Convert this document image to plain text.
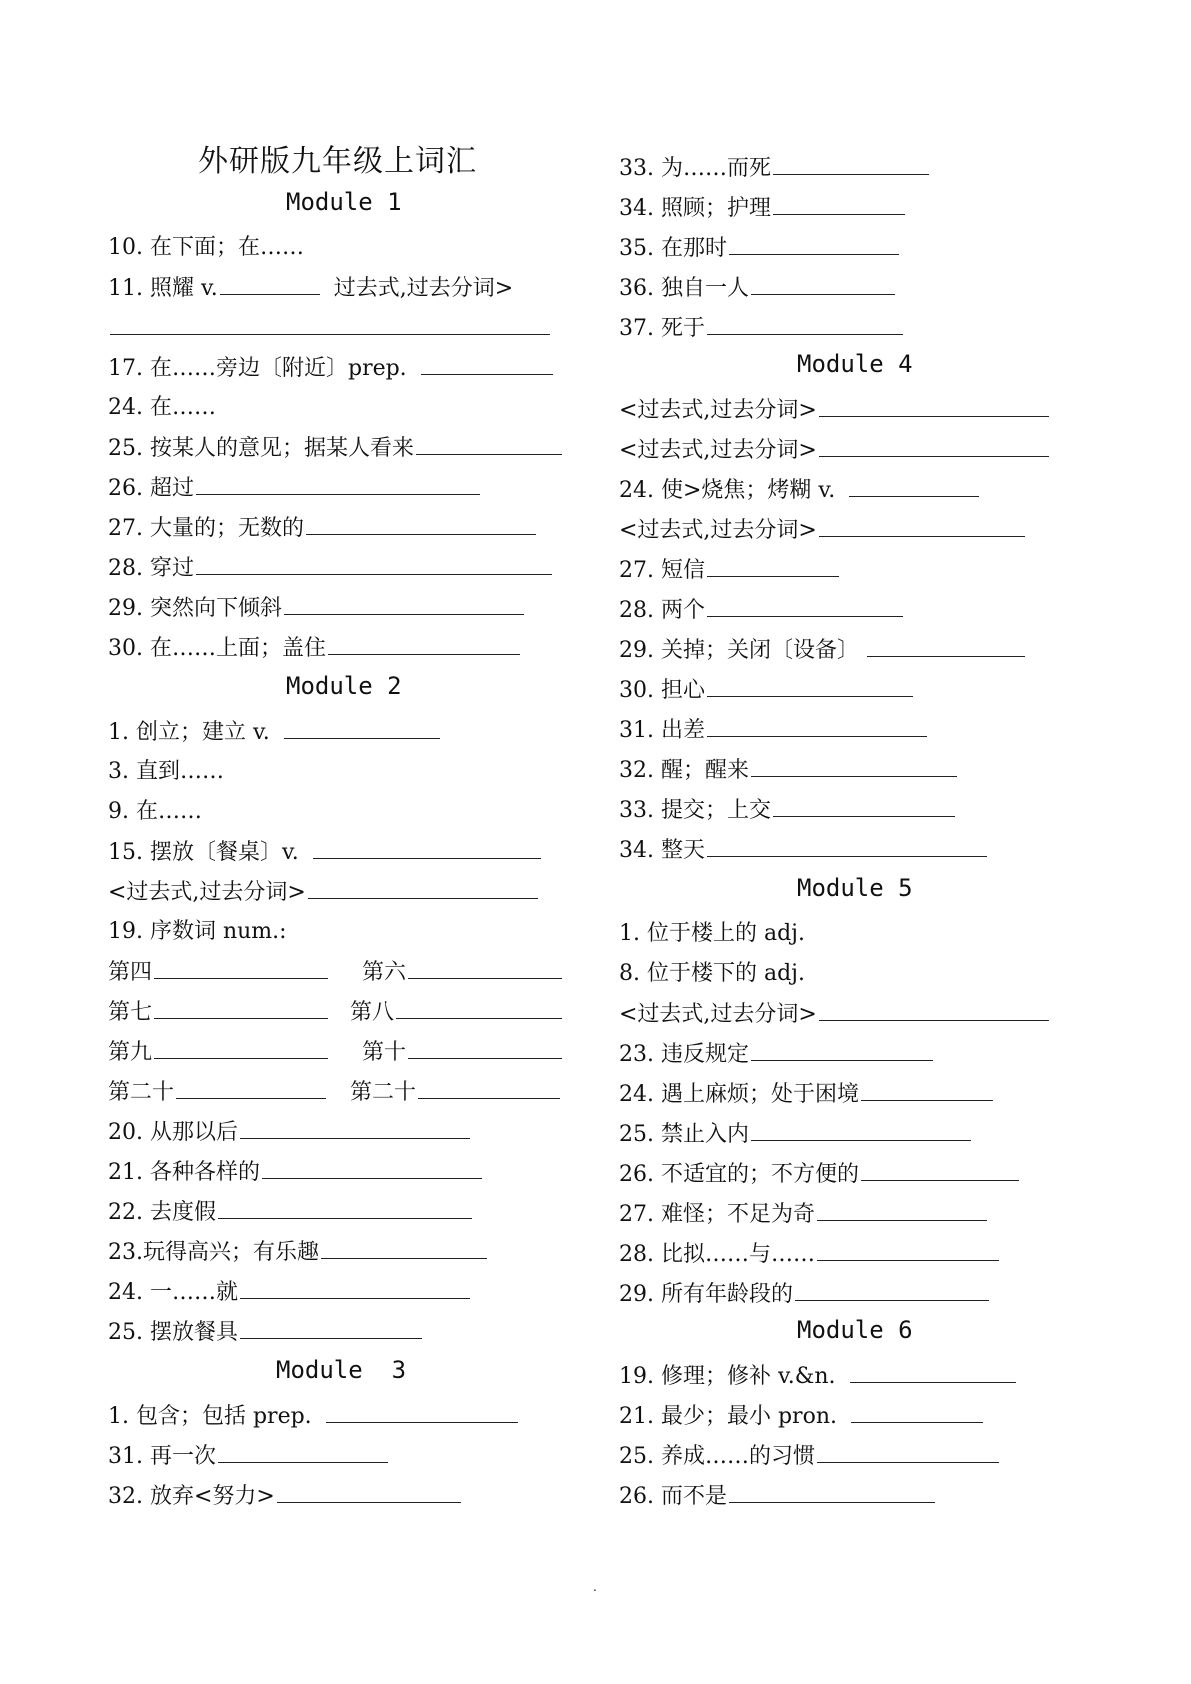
外研版九年级上词汇
Module 1
10. 在下面；在……
11. 照耀 v.	过去式,过去分词>
17. 在……旁边〔附近〕prep.
24. 在……
25. 按某人的意见；据某人看来
26. 超过
27. 大量的；无数的
28. 穿过
29. 突然向下倾斜
30. 在……上面；盖住
Module 2
1. 创立；建立 v.
3. 直到……
9. 在……
15. 摆放〔餐桌〕v.
<过去式,过去分词>
19. 序数词 num.:
第四	第六
第七	第八
第九	第十
第二十	第二十
20. 从那以后
21. 各种各样的
22. 去度假
23.玩得高兴；有乐趣
24. 一……就
25. 摆放餐具
Module  3
1. 包含；包括 prep.
31. 再一次
32. 放弃<努力>
33. 为……而死
34. 照顾；护理
35. 在那时
36. 独自一人
37. 死于
Module 4
<过去式,过去分词>
<过去式,过去分词>
24. 使>烧焦；烤糊 v.
<过去式,过去分词>
27. 短信
28. 两个
29. 关掉；关闭〔设备〕
30. 担心
31. 出差
32. 醒；醒来
33. 提交；上交
34. 整天
Module 5
1. 位于楼上的 adj.
8. 位于楼下的 adj.
<过去式,过去分词>
23. 违反规定
24. 遇上麻烦；处于困境
25. 禁止入内
26. 不适宜的；不方便的
27. 难怪；不足为奇
28. 比拟……与……
29. 所有年龄段的
Module 6
19. 修理；修补 v.&n.
21. 最少；最小 pron.
25. 养成……的习惯
26. 而不是
.
